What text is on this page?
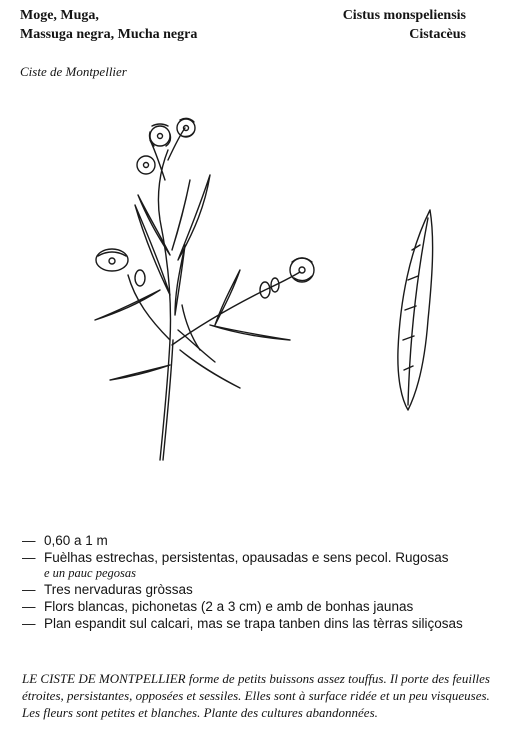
Moge, Muga,
Massuga negra, Mucha negra
Cistus monspeliensis
Cistacèus
Ciste de Montpellier
— 0,60 a 1 m
— Fuèlhas estrechas, persistentas, opausadas e sens pecol. Rugosas
e un pauc pegosas
— Tres nervaduras gròssas
— Flors blancas, pichonetas (2 a 3 cm) e amb de bonhas jaunas
— Plan espandit sul calcari, mas se trapa tanben dins las tèrras siliçosas

LE CISTE DE MONTPELLIER forme de petits buissons assez touffus. Il porte des feuilles étroites, persistantes, opposées et sessiles. Elles sont à surface ridée et un peu visqueuses.

Les fleurs sont petites et blanches. Plante des cultures abandonnées.
